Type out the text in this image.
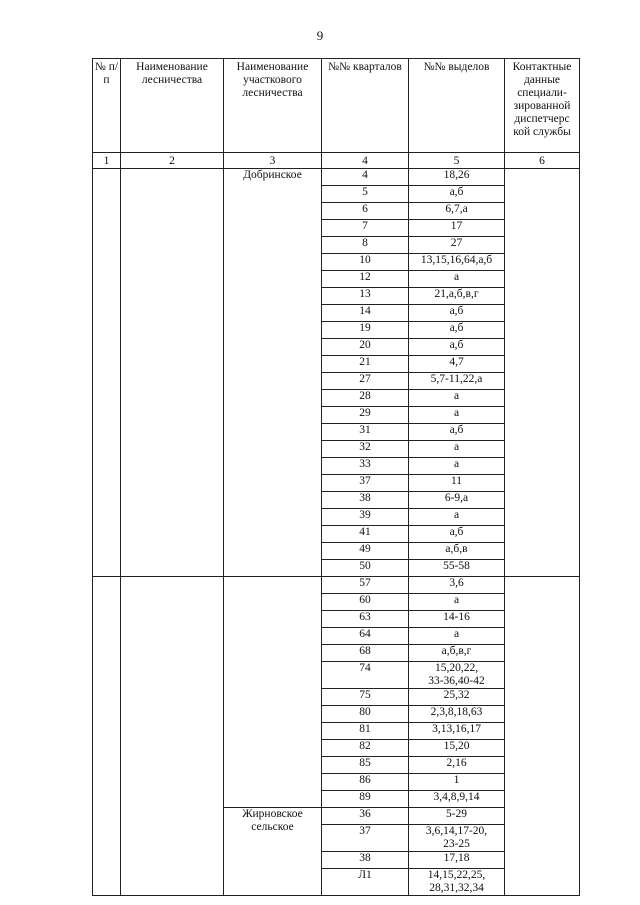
9
№ п/п	Наименование лесничества	Наименование участкового лесничества	№№ кварталов	№№ выделов	Контактные данные специали-зированной диспетчерс кой службы
1	2	3	4	5	6
		Добринское	4	18,26	
			5	а,б	
			6	6,7,а	
			7	17	
			8	27	
			10	13,15,16,64,а,б	
			12	а	
			13	21,а,б,в,г	
			14	а,б	
			19	а,б	
			20	а,б	
			21	4,7	
			27	5,7-11,22,а	
			28	а	
			29	а	
			31	а,б	
			32	а	
			33	а	
			37	11	
			38	6-9,а	
			39	а	
			41	а,б	
			49	а,б,в	
			50	55-58	
			57	3,6	
			60	а	
			63	14-16	
			64	а	
			68	а,б,в,г	
			74	15,20,22,
33-36,40-42	
			75	25,32	
			80	2,3,8,18,63	
			81	3,13,16,17	
			82	15,20	
			85	2,16	
			86	1	
			89	3,4,8,9,14	
		Жирновское сельское	36	5-29	
			37	3,6,14,17-20,
23-25	
			38	17,18	
			Л1	14,15,22,25,
28,31,32,34	
